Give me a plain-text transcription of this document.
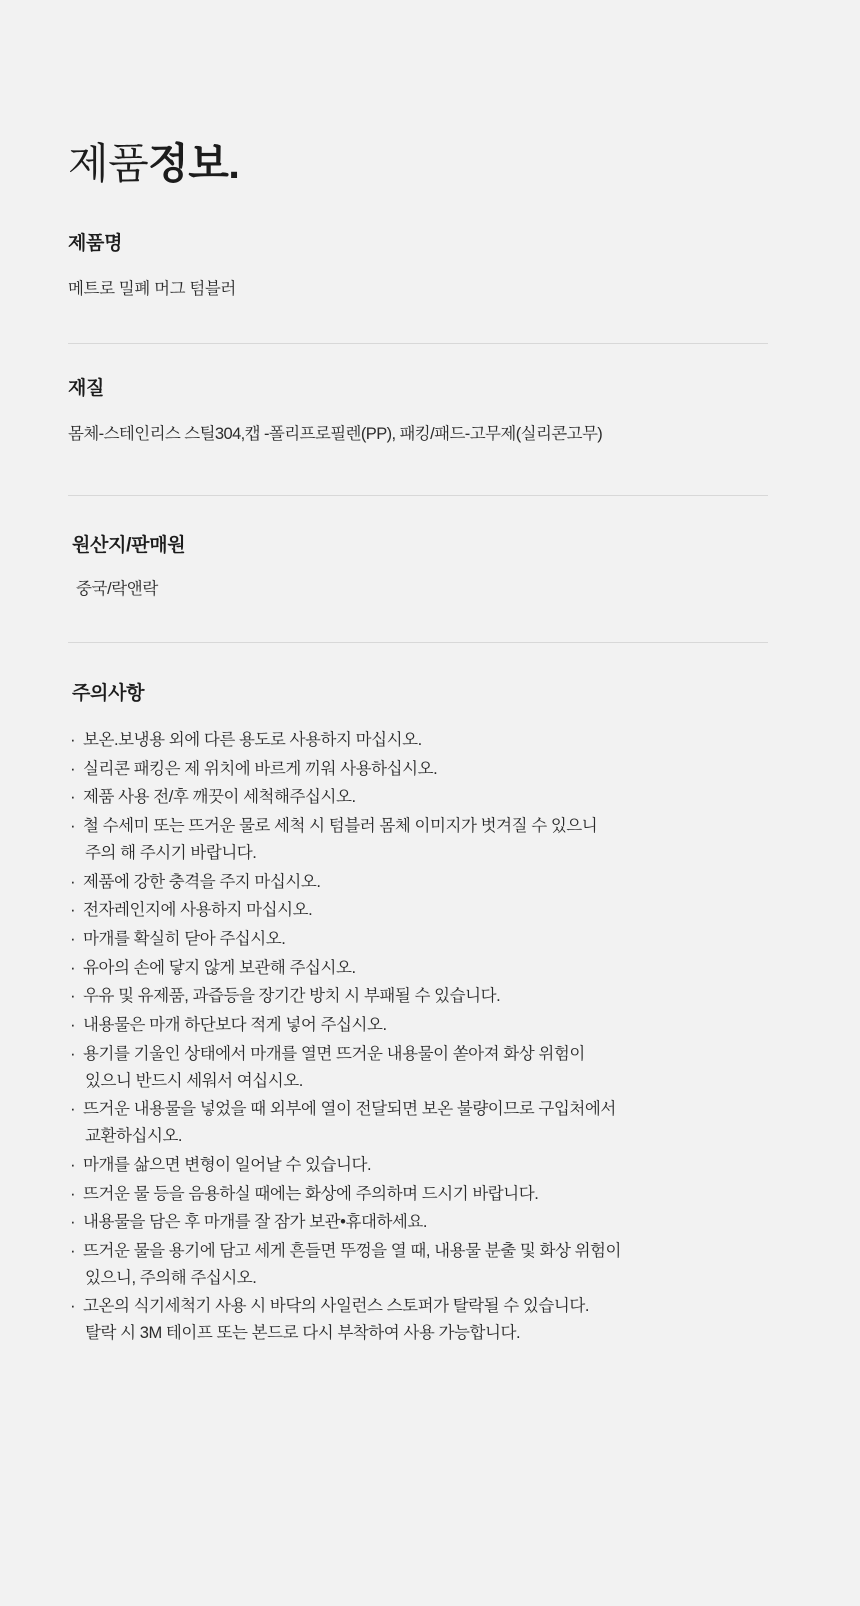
제품정보.
제품명
메트로 밀폐 머그 텀블러
재질
몸체-스테인리스 스틸304,캡 -폴리프로필렌(PP), 패킹/패드-고무제(실리콘고무)
원산지/판매원
중국/락앤락
주의사항
· 보온.보냉용 외에 다른 용도로 사용하지 마십시오.
· 실리콘 패킹은 제 위치에 바르게 끼워 사용하십시오.
· 제품 사용 전/후 깨끗이 세척해주십시오.
· 철 수세미 또는 뜨거운 물로 세척 시 텀블러 몸체 이미지가 벗겨질 수 있으니
주의 해 주시기 바랍니다.
· 제품에 강한 충격을 주지 마십시오.
· 전자레인지에 사용하지 마십시오.
· 마개를 확실히 닫아 주십시오.
· 유아의 손에 닿지 않게 보관해 주십시오.
· 우유 및 유제품, 과즙등을 장기간 방치 시 부패될 수 있습니다.
· 내용물은 마개 하단보다 적게 넣어 주십시오.
· 용기를 기울인 상태에서 마개를 열면 뜨거운 내용물이 쏟아져 화상 위험이
있으니 반드시 세워서 여십시오.
· 뜨거운 내용물을 넣었을 때 외부에 열이 전달되면 보온 불량이므로 구입처에서
교환하십시오.
· 마개를 삶으면 변형이 일어날 수 있습니다.
· 뜨거운 물 등을 음용하실 때에는 화상에 주의하며 드시기 바랍니다.
· 내용물을 담은 후 마개를 잘 잠가 보관•휴대하세요.
· 뜨거운 물을 용기에 담고 세게 흔들면 뚜껑을 열 때, 내용물 분출 및 화상 위험이
있으니, 주의해 주십시오.
· 고온의 식기세척기 사용 시 바닥의 사일런스 스토퍼가 탈락될 수 있습니다.
탈락 시 3M 테이프 또는 본드로 다시 부착하여 사용 가능합니다.
